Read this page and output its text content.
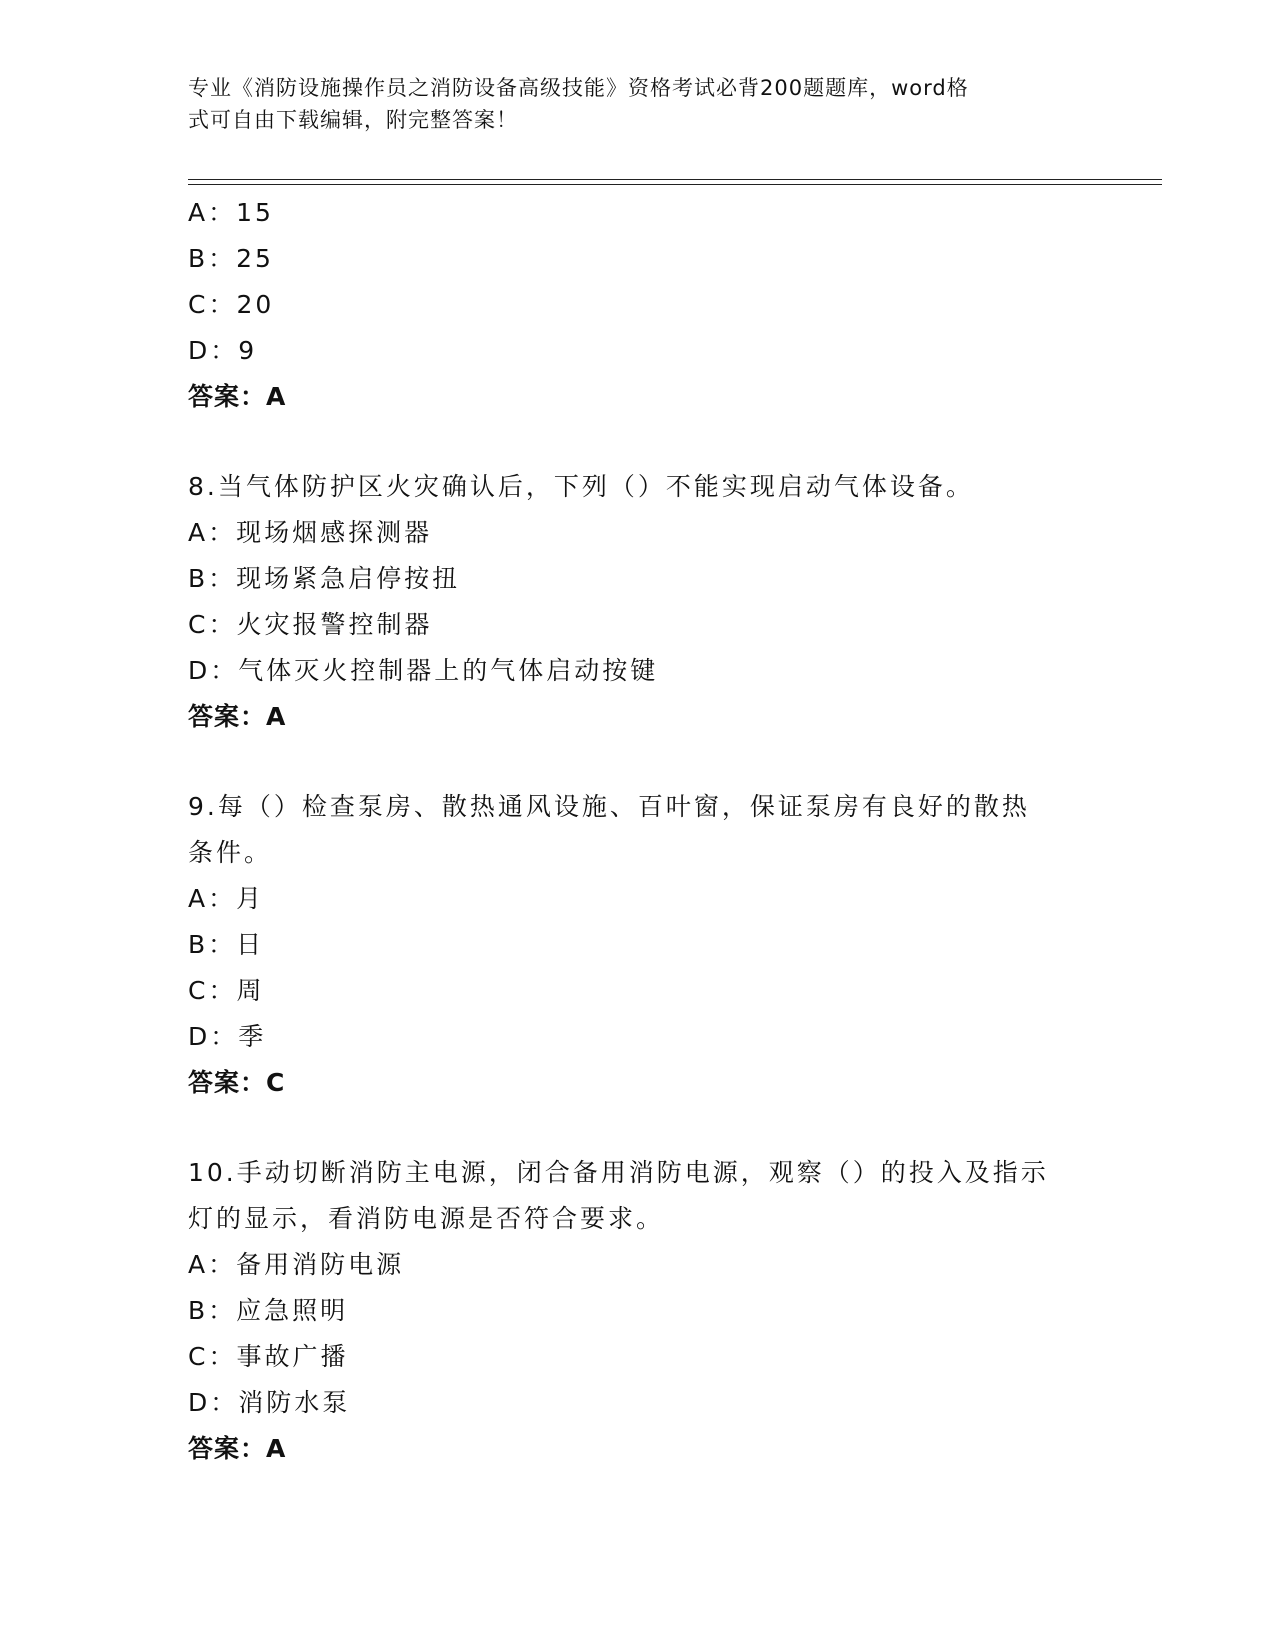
专业《消防设施操作员之消防设备高级技能》资格考试必背200题题库，word格
式可自由下载编辑，附完整答案！
A：15
B：25
C：20
D：9
答案：A
8.当气体防护区火灾确认后，下列（）不能实现启动气体设备。
A：现场烟感探测器
B：现场紧急启停按扭
C：火灾报警控制器
D：气体灭火控制器上的气体启动按键
答案：A
9.每（）检查泵房、散热通风设施、百叶窗，保证泵房有良好的散热
条件。
A：月
B：日
C：周
D：季
答案：C
10.手动切断消防主电源，闭合备用消防电源，观察（）的投入及指示
灯的显示，看消防电源是否符合要求。
A：备用消防电源
B：应急照明
C：事故广播
D：消防水泵
答案：A
